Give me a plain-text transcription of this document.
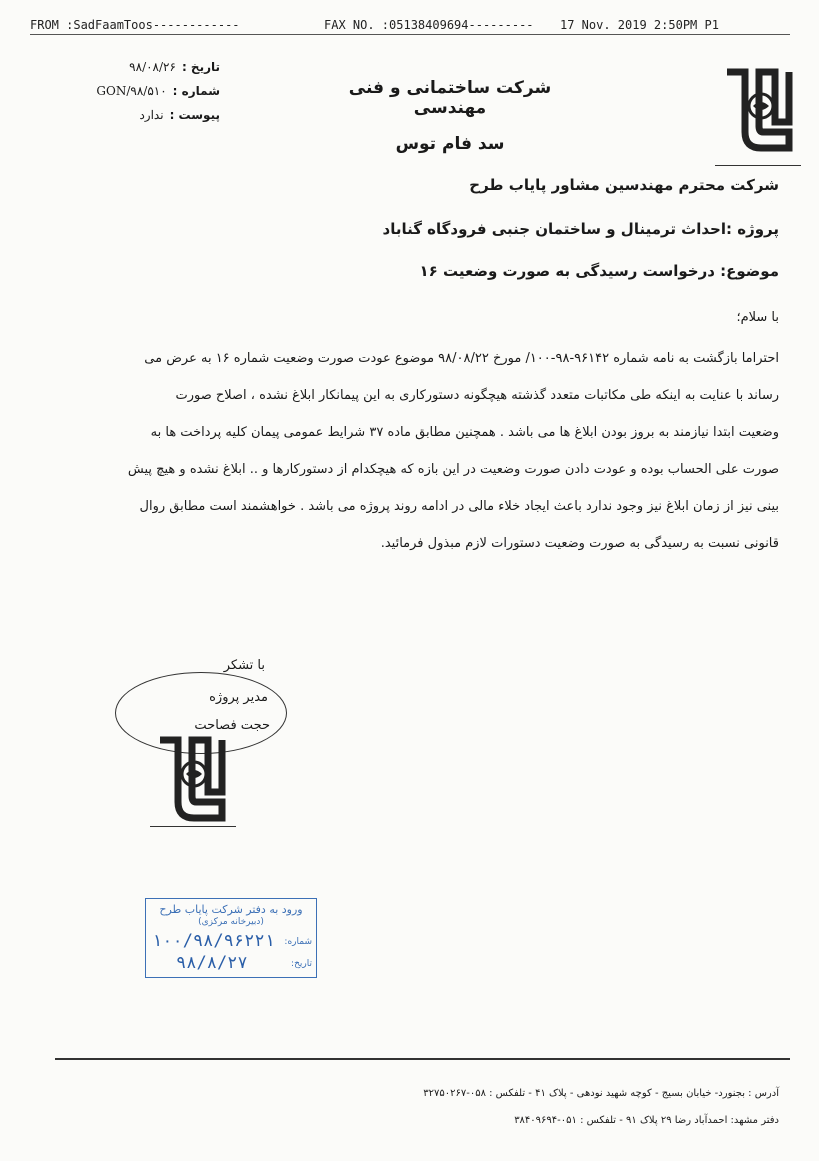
FROM :SadFaamToos------------	FAX NO. :05138409694--------- 17 Nov. 2019 2:50PM P1
تاریخ :
۹۸/۰۸/۲۶
شماره :
GON/۹۸/۵۱۰
پیوست :
ندارد
شرکت ساختمانی و فنی مهندسی
سد فام توس
شرکت محترم مهندسین مشاور پایاب طرح
پروژه :احداث ترمینال و ساختمان جنبی فرودگاه گناباد
موضوع: درخواست رسیدگی به صورت وضعیت ۱۶
با سلام؛
احتراما بازگشت به نامه شماره ۹۶۱۴۲-۹۸-۱۰۰/ مورخ ۹۸/۰۸/۲۲ موضوع عودت صورت وضعیت شماره ۱۶ به عرض می
رساند با عنایت به اینکه طی مکاتبات متعدد گذشته هیچگونه دستورکاری به این پیمانکار ابلاغ نشده ، اصلاح صورت
وضعیت ابتدا نیازمند به بروز بودن ابلاغ ها می باشد . همچنین مطابق ماده ۳۷ شرایط عمومی پیمان کلیه پرداخت ها به
صورت علی الحساب بوده و عودت دادن صورت وضعیت در این بازه که هیچکدام از دستورکارها و .. ابلاغ نشده و هیچ پیش
بینی نیز از زمان ابلاغ نیز وجود ندارد باعث ایجاد خلاء مالی در ادامه روند پروژه می باشد . خواهشمند است مطابق روال
قانونی نسبت به رسیدگی به صورت وضعیت دستورات لازم مبذول فرمائید.
با تشکر
مدیر پروژه
حجت فصاحت
ورود به دفتر شرکت پایاب طرح
(دبیرخانه مرکزی)
شماره:
۱۰۰/۹۸/۹۶۲۲۱
تاریخ:
۹۸/۸/۲۷
آدرس : بجنورد- خیابان بسیج - کوچه شهید نودهی - پلاک ۴۱ - تلفکس : ۰۵۸-۳۲۷۵۰۲۶۷
دفتر مشهد: احمدآباد رضا ۲۹ پلاک ۹۱ - تلفکس : ۰۵۱-۳۸۴۰۹۶۹۴
